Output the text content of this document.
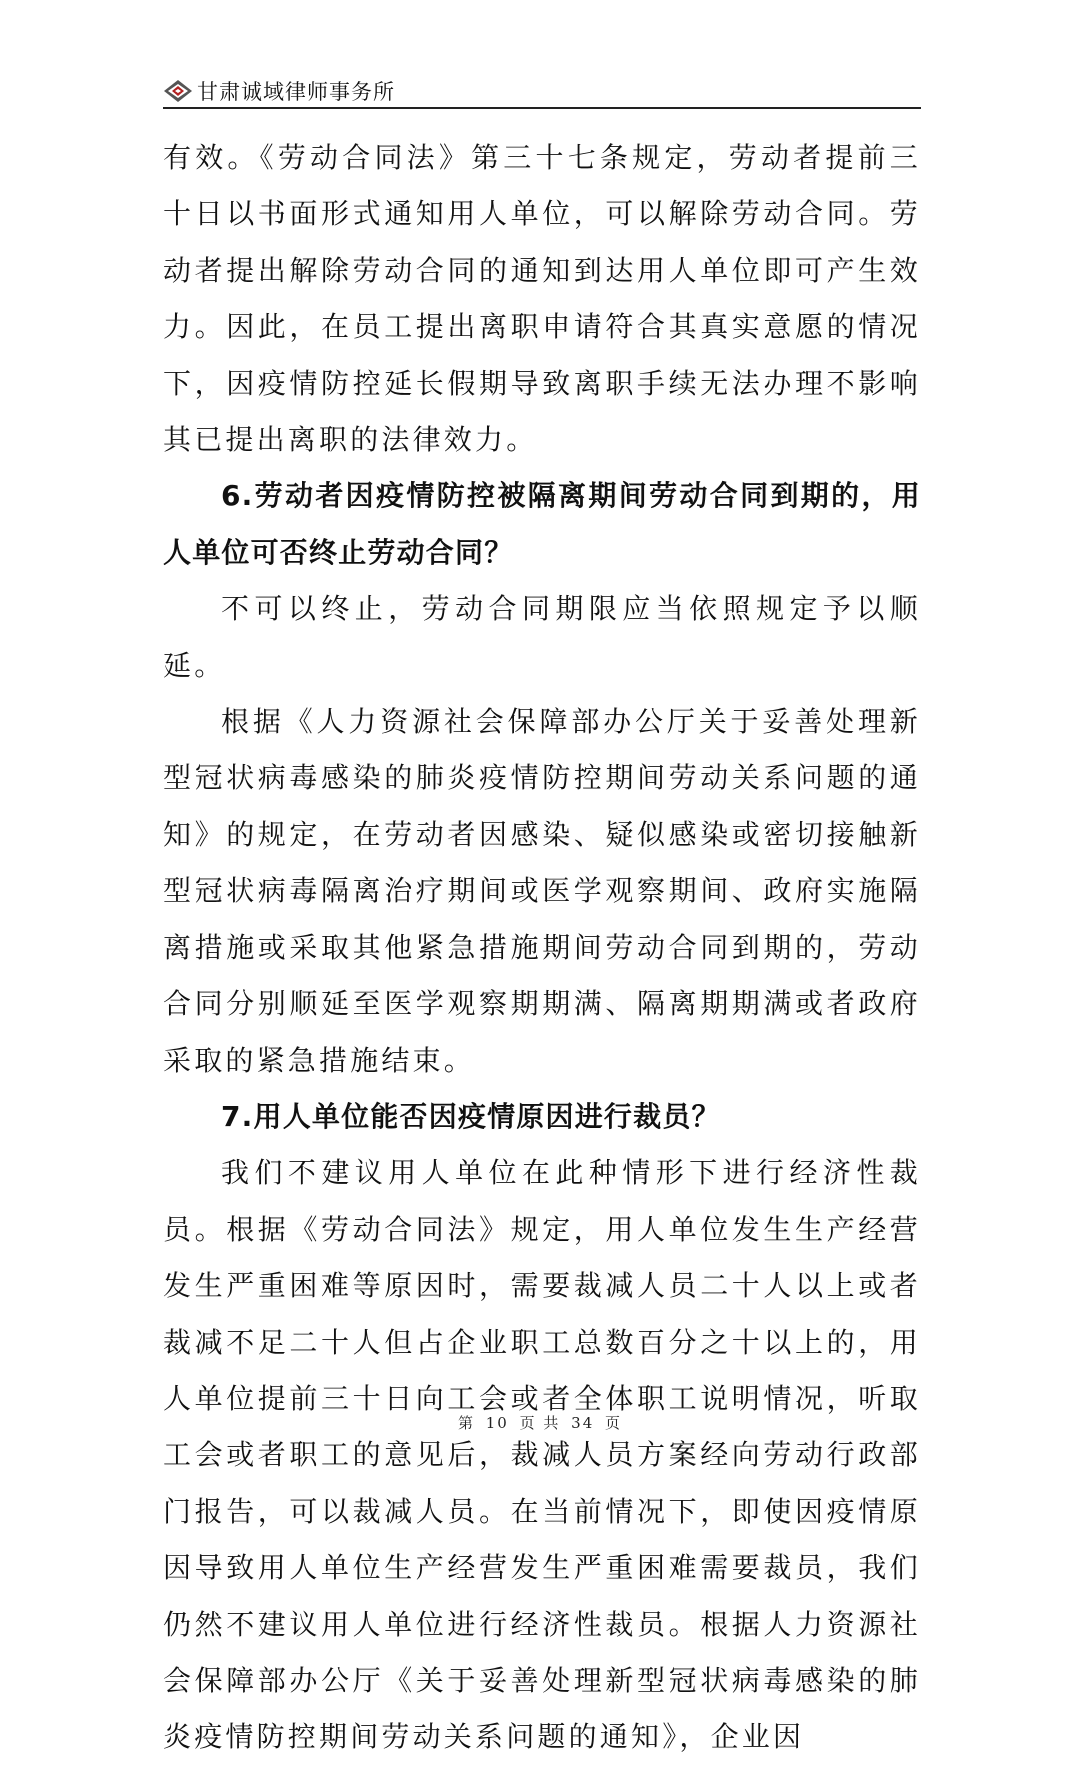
甘肃诚域律师事务所

有效。《劳动合同法》第三十七条规定，劳动者提前三十日以书面形式通知用人单位，可以解除劳动合同。劳动者提出解除劳动合同的通知到达用人单位即可产生效力。因此，在员工提出离职申请符合其真实意愿的情况下，因疫情防控延长假期导致离职手续无法办理不影响其已提出离职的法律效力。

6.劳动者因疫情防控被隔离期间劳动合同到期的，用人单位可否终止劳动合同？

不可以终止，劳动合同期限应当依照规定予以顺延。

根据《人力资源社会保障部办公厅关于妥善处理新型冠状病毒感染的肺炎疫情防控期间劳动关系问题的通知》的规定，在劳动者因感染、疑似感染或密切接触新型冠状病毒隔离治疗期间或医学观察期间、政府实施隔离措施或采取其他紧急措施期间劳动合同到期的，劳动合同分别顺延至医学观察期期满、隔离期期满或者政府采取的紧急措施结束。

7.用人单位能否因疫情原因进行裁员？

我们不建议用人单位在此种情形下进行经济性裁员。根据《劳动合同法》规定，用人单位发生生产经营发生严重困难等原因时，需要裁减人员二十人以上或者裁减不足二十人但占企业职工总数百分之十以上的，用人单位提前三十日向工会或者全体职工说明情况，听取工会或者职工的意见后，裁减人员方案经向劳动行政部门报告，可以裁减人员。在当前情况下，即使因疫情原因导致用人单位生产经营发生严重困难需要裁员，我们仍然不建议用人单位进行经济性裁员。根据人力资源社会保障部办公厅《关于妥善处理新型冠状病毒感染的肺炎疫情防控期间劳动关系问题的通知》，企业因

第 10 页 共 34 页
